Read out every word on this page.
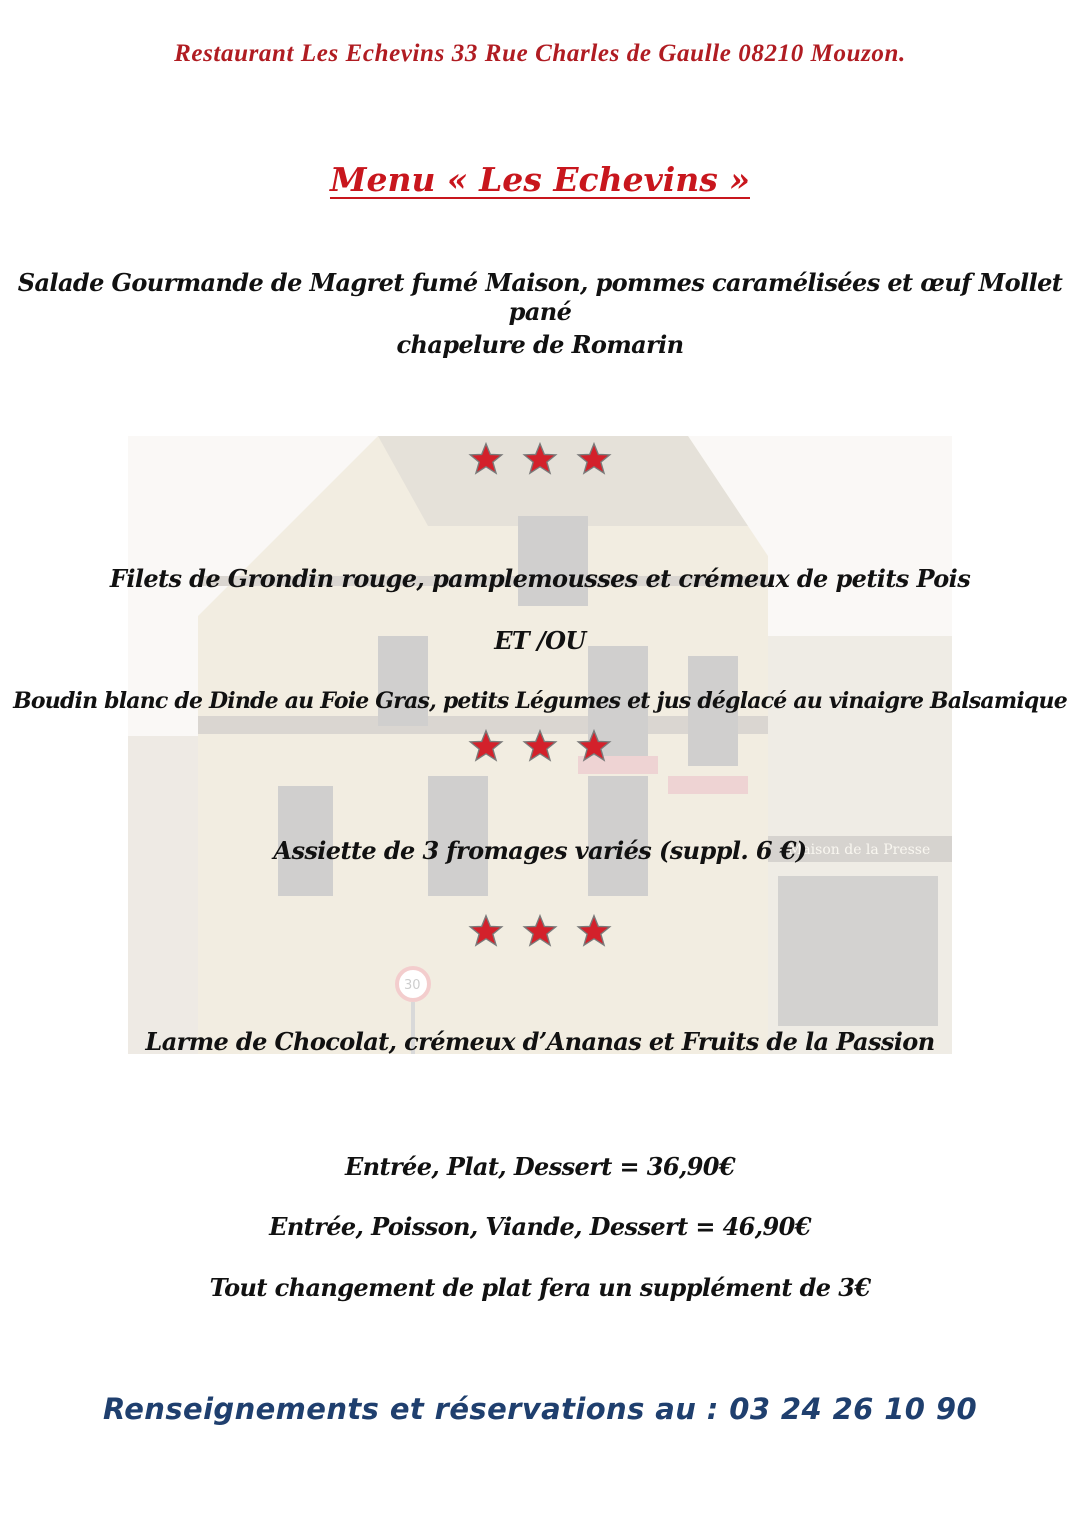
Restaurant Les Echevins 33 Rue Charles de Gaulle 08210 Mouzon.
Menu « Les Echevins »
Maison de la Presse
30
Salade Gourmande de Magret fumé Maison, pommes caramélisées et œuf Mollet pané
chapelure de Romarin
Filets de Grondin rouge, pamplemousses et crémeux de petits Pois
ET /OU
Boudin blanc de Dinde au Foie Gras, petits Légumes et jus déglacé au vinaigre Balsamique
Assiette de 3 fromages variés (suppl. 6 €)
Larme de Chocolat, crémeux d’Ananas et Fruits de la Passion
Entrée, Plat, Dessert = 36,90€
Entrée, Poisson, Viande, Dessert = 46,90€
Tout changement de plat fera un supplément de 3€
Renseignements et réservations au : 03 24 26 10 90
